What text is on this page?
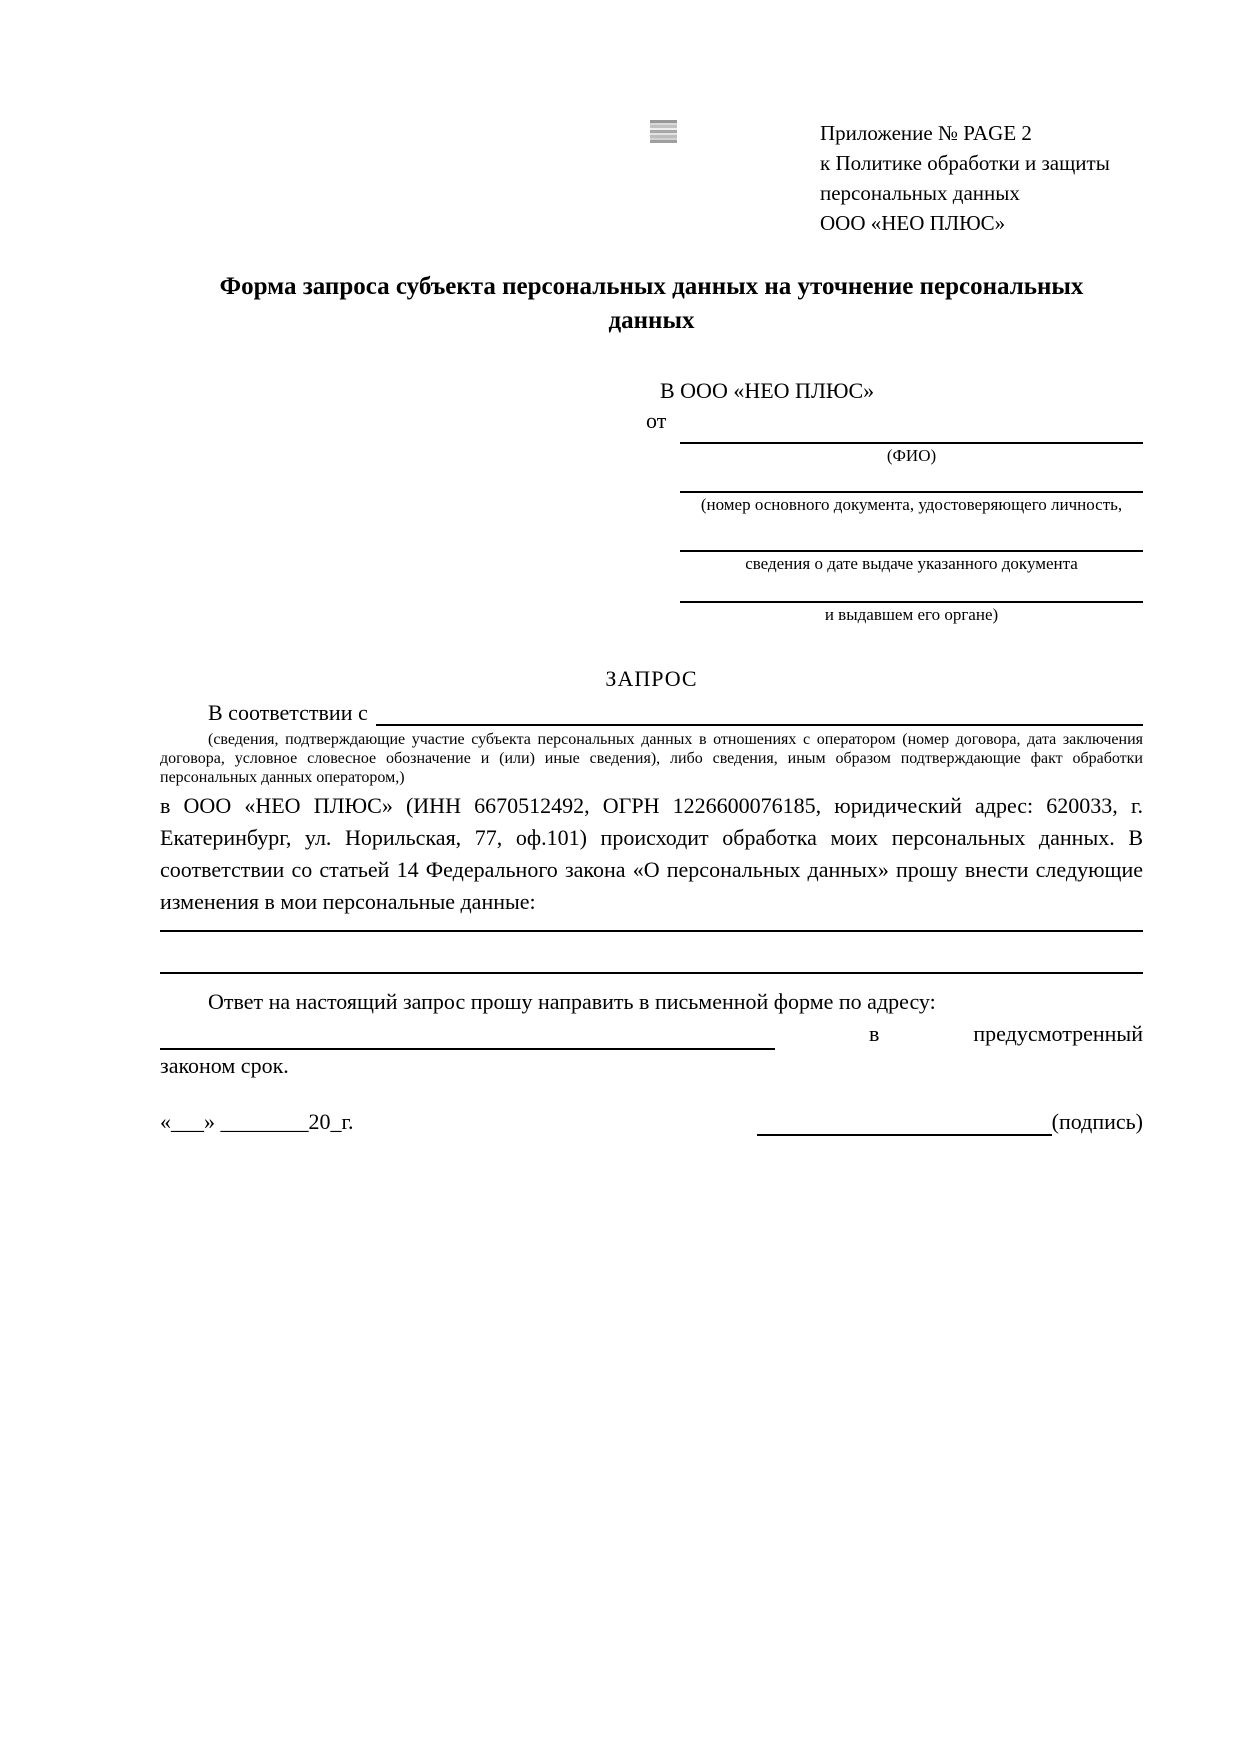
Приложение № PAGE 2
к Политике обработки и защиты
персональных данных
ООО «НЕО ПЛЮС»
Форма запроса субъекта персональных данных на уточнение персональных данных
В ООО «НЕО ПЛЮС»
от
(ФИО)
(номер основного документа, удостоверяющего личность,
сведения о дате выдаче указанного документа
и выдавшем его органе)
ЗАПРОС
В соответствии с
(сведения, подтверждающие участие субъекта персональных данных в отношениях с оператором (номер договора, дата заключения договора, условное словесное обозначение и (или) иные сведения), либо сведения, иным образом подтверждающие факт обработки персональных данных оператором,)
в ООО «НЕО ПЛЮС» (ИНН 6670512492, ОГРН 1226600076185, юридический адрес: 620033, г. Екатеринбург, ул. Норильская, 77, оф.101) происходит обработка моих персональных данных. В соответствии со статьей 14 Федерального закона «О персональных данных» прошу внести следующие изменения в мои персональные данные:
Ответ на настоящий запрос прошу направить в письменной форме по адресу:
в	предусмотренный
законом срок.
«___» ________20_г.	(подпись)
